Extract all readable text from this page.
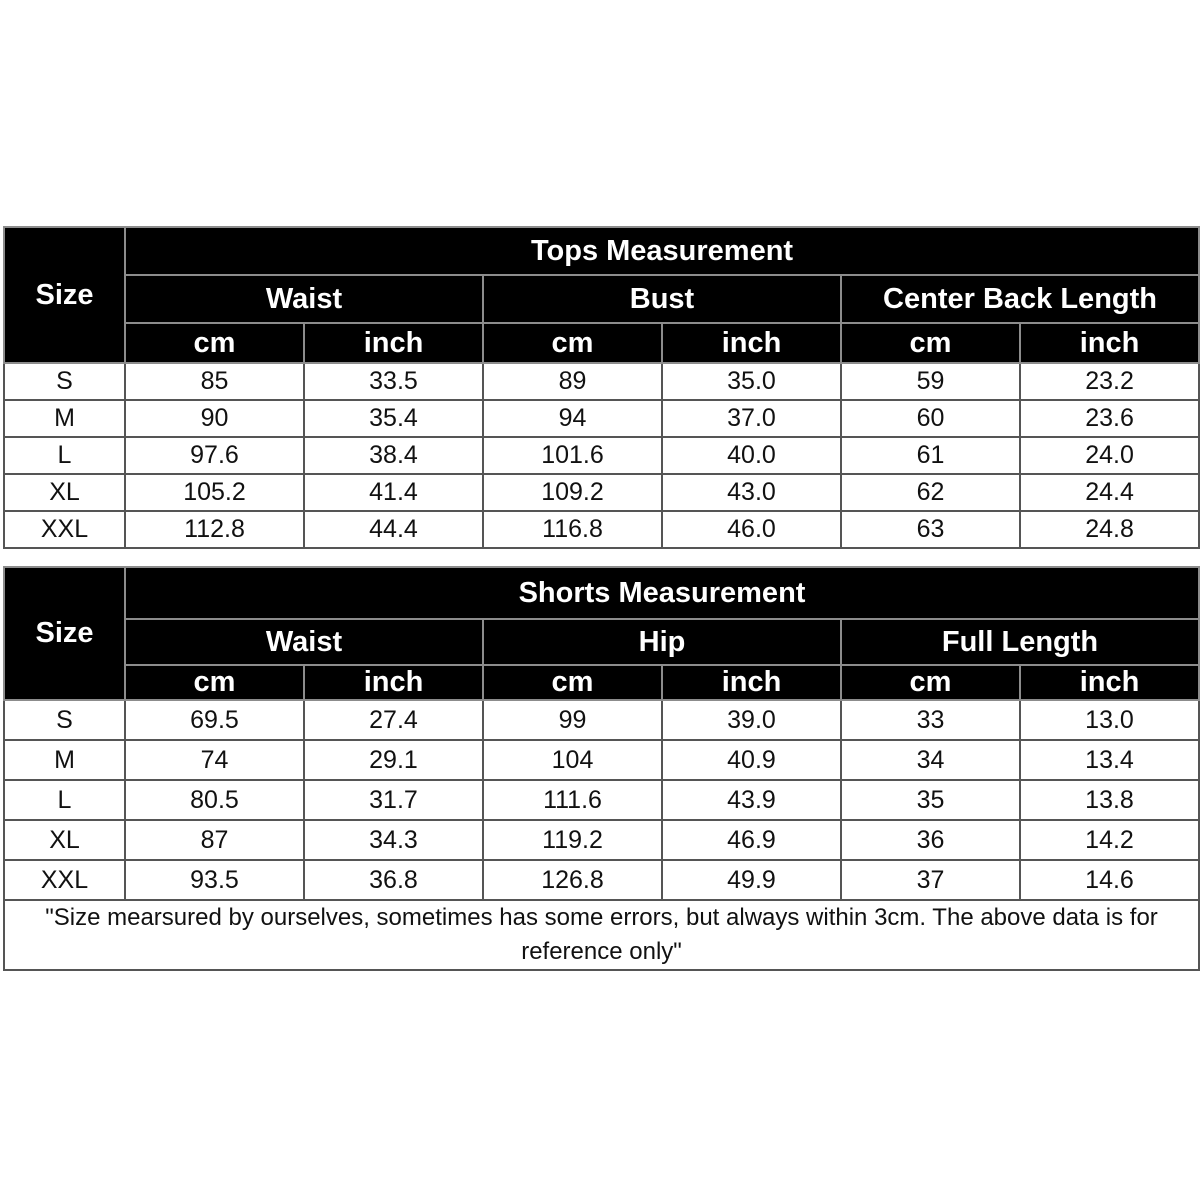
Size	Tops Measurement					
	Waist		Bust		Center Back Length	
	cm	inch	cm	inch	cm	inch
S	85	33.5	89	35.0	59	23.2
M	90	35.4	94	37.0	60	23.6
L	97.6	38.4	101.6	40.0	61	24.0
XL	105.2	41.4	109.2	43.0	62	24.4
XXL	112.8	44.4	116.8	46.0	63	24.8
Size	Shorts Measurement					
	Waist		Hip		Full Length	
	cm	inch	cm	inch	cm	inch
S	69.5	27.4	99	39.0	33	13.0
M	74	29.1	104	40.9	34	13.4
L	80.5	31.7	111.6	43.9	35	13.8
XL	87	34.3	119.2	46.9	36	14.2
XXL	93.5	36.8	126.8	49.9	37	14.6
"Size mearsured by ourselves, sometimes has some errors, but always within 3cm. The above data is for reference only"						
